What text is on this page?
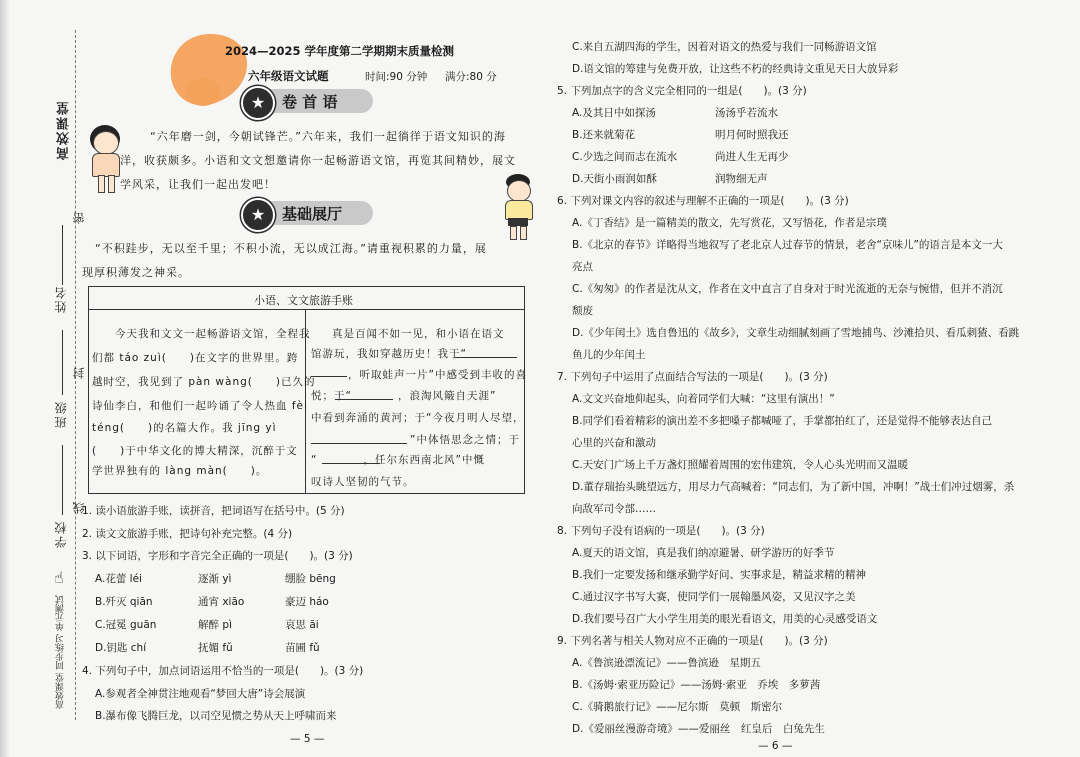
高效课堂
密
姓名
封
班级
线
学校
☝
高效课堂 同步练习 单元测试
2024—2025 学年度第二学期期末质量检测
六年级语文试题	时间:90 分钟 满分:80 分
★	卷 首 语
“六年磨一剑，今朝试锋芒。”六年来，我们一起徜徉于语文知识的海
洋，收获颇多。小语和文文想邀请你一起畅游语文馆，再览其间精妙，展文
学风采，让我们一起出发吧！
★	基础展厅
“不积跬步，无以至千里；不积小流，无以成江海。”请重视积累的力量，展
现厚积薄发之神采。
小语、文文旅游手账
今天我和文文一起畅游语文馆，全程我
们都 táo zuì(　　)在文字的世界里。跨
越时空，我见到了 pàn wàng(　　)已久的
诗仙李白，和他们一起吟诵了令人热血 fèi
téng(　　)的名篇大作。我 jīng yì
(　　)于中华文化的博大精深，沉醉于文
学世界独有的 làng màn(　　)。
真是百闻不如一见，和小语在语文
馆游玩，我如穿越历史！我于“
，听取蛙声一片”中感受到丰收的喜
悦；于“　　　　，浪淘风簸自天涯”
中看到奔涌的黄河；于“今夜月明人尽望，
”中体悟思念之情；于
“　　　　，任尔东西南北风”中慨
叹诗人坚韧的气节。
1. 读小语旅游手账，读拼音，把词语写在括号中。(5 分)
2. 读文文旅游手账，把诗句补充完整。(4 分)
3. 以下词语，字形和字音完全正确的一项是(　　)。(3 分)
A.花蕾 léi	逐渐 yì	绷脸 bēng
B.歼灭 qiān	通宵 xiāo	豪迈 háo
C.冠冕 guān	解醉 pì	哀思 āi
D.钥匙 chí	抚媚 fǔ	苗圃 fǔ
4. 下列句子中，加点词语运用不恰当的一项是(　　)。(3 分)
A.参观者全神贯注地观看“梦回大唐”诗会展演
B.瀑布像飞腾巨龙，以司空见惯之势从天上呼啸而来
— 5 —
C.来自五湖四海的学生，因着对语文的热爱与我们一同畅游语文馆
D.语文馆的筹建与免费开放，让这些不朽的经典诗文重见天日大放异彩
5. 下列加点字的含义完全相同的一组是(　　)。(3 分)
A.及其日中如探汤	汤汤乎若流水
B.还来就菊花	明月何时照我还
C.少选之间而志在流水	尚进人生无再少
D.天街小雨润如酥	润物细无声
6. 下列对课文内容的叙述与理解不正确的一项是(　　)。(3 分)
A.《丁香结》是一篇精美的散文，先写赏花，又写悟花，作者是宗璞
B.《北京的春节》详略得当地叙写了老北京人过春节的情景，老舍“京味儿”的语言是本文一大
亮点
C.《匆匆》的作者是沈从文，作者在文中直言了自身对于时光流逝的无奈与惋惜，但并不消沉
颓废
D.《少年闰土》选自鲁迅的《故乡》，文章生动细腻刻画了雪地捕鸟、沙滩拾贝、看瓜刺猹、看跳
鱼儿的少年闰土
7. 下列句子中运用了点面结合写法的一项是(　　)。(3 分)
A.文文兴奋地仰起头，向着同学们大喊：“这里有演出！”
B.同学们看着精彩的演出差不多把嗓子都喊哑了，手掌都拍红了，还是觉得不能够表达自己
心里的兴奋和激动
C.天安门广场上千万盏灯照耀着周围的宏伟建筑，令人心头光明而又温暖
D.董存瑞抬头眺望远方，用尽力气高喊着：“同志们，为了新中国，冲啊！”战士们冲过烟雾，杀
向敌军司令部……
8. 下列句子没有语病的一项是(　　)。(3 分)
A.夏天的语文馆，真是我们纳凉避暑、研学游历的好季节
B.我们一定要发扬和继承勤学好问、实事求是，精益求精的精神
C.通过汉字书写大赛，使同学们一展翰墨风姿，又见汉字之美
D.我们要号召广大小学生用美的眼光看语文，用美的心灵感受语文
9. 下列名著与相关人物对应不正确的一项是(　　)。(3 分)
A.《鲁滨逊漂流记》——鲁滨逊　星期五
B.《汤姆·索亚历险记》——汤姆·索亚　乔埃　多萝茜
C.《骑鹅旅行记》——尼尔斯　莫顿　斯密尔
D.《爱丽丝漫游奇境》——爱丽丝　红皇后　白兔先生
— 6 —
